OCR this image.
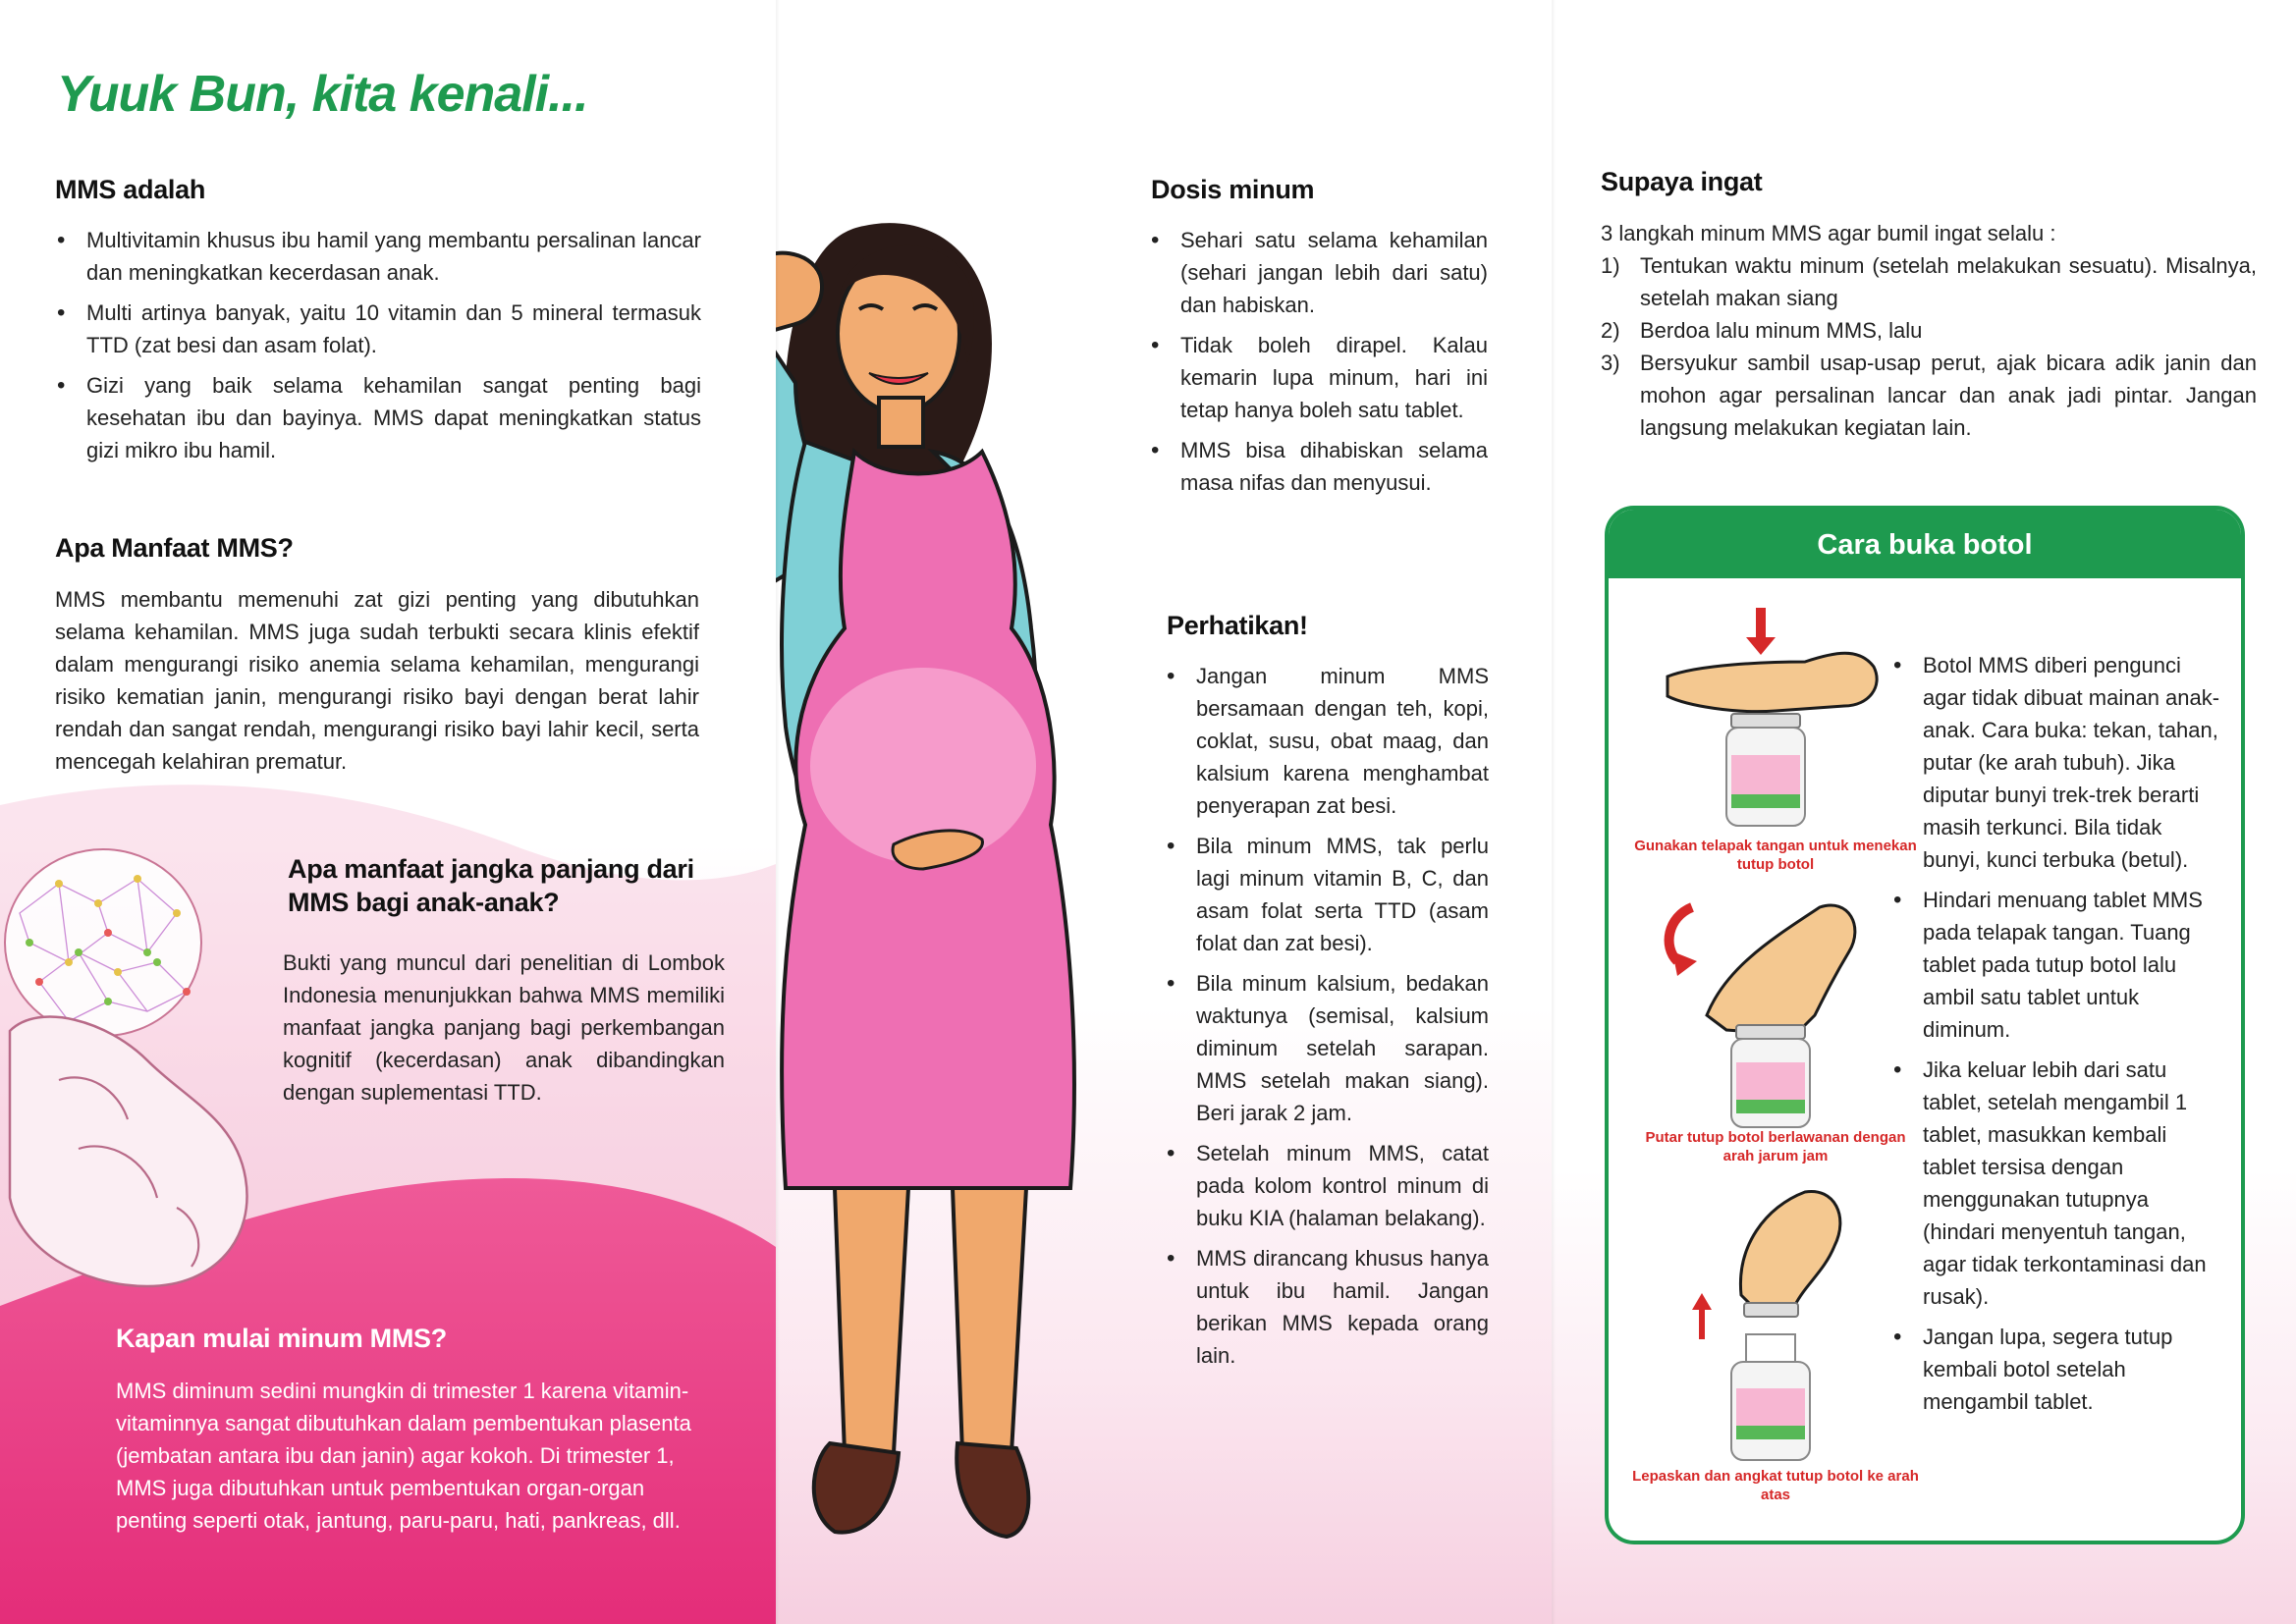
Yuuk Bun, kita kenali...
MMS adalah
• Multivitamin khusus ibu hamil yang membantu persalinan lancar dan meningkatkan kecerdasan anak.
• Multi artinya banyak, yaitu 10 vitamin dan 5 mineral termasuk TTD (zat besi dan asam folat).
• Gizi yang baik selama kehamilan sangat penting bagi kesehatan ibu dan bayinya. MMS dapat meningkatkan status gizi mikro ibu hamil.
Apa Manfaat MMS?
MMS membantu memenuhi zat gizi penting yang dibutuhkan selama kehamilan. MMS juga sudah terbukti secara klinis efektif dalam mengurangi risiko anemia selama kehamilan, mengurangi risiko kematian janin, mengurangi risiko bayi dengan berat lahir rendah dan sangat rendah, mengurangi risiko bayi lahir kecil, serta mencegah kelahiran prematur.
Apa manfaat jangka panjang dari
MMS bagi anak-anak?
Bukti yang muncul dari penelitian di Lombok Indonesia menunjukkan bahwa MMS memiliki manfaat jangka panjang bagi perkembangan kognitif (kecerdasan) anak dibandingkan dengan suplementasi TTD.
Kapan mulai minum MMS?
MMS diminum sedini mungkin di trimester 1 karena vitamin-vitaminnya sangat dibutuhkan dalam pembentukan plasenta (jembatan antara ibu dan janin) agar kokoh. Di trimester 1, MMS juga dibutuhkan untuk pembentukan organ-organ penting seperti otak, jantung, paru-paru, hati, pankreas, dll.
Dosis minum
• Sehari satu selama kehamilan (sehari jangan lebih dari satu) dan habiskan.
• Tidak boleh dirapel. Kalau kemarin lupa minum, hari ini tetap hanya boleh satu tablet.
• MMS bisa dihabiskan selama masa nifas dan menyusui.
Perhatikan!
• Jangan minum MMS bersamaan dengan teh, kopi, coklat, susu, obat maag, dan kalsium karena menghambat penyerapan zat besi.
• Bila minum MMS, tak perlu lagi minum vitamin B, C, dan asam folat serta TTD (asam folat dan zat besi).
• Bila minum kalsium, bedakan waktunya (semisal, kalsium diminum setelah sarapan. MMS setelah makan siang). Beri jarak 2 jam.
• Setelah minum MMS, catat pada kolom kontrol minum di buku KIA (halaman belakang).
• MMS dirancang khusus hanya untuk ibu hamil. Jangan berikan MMS kepada orang lain.
Supaya ingat
3 langkah minum MMS agar bumil ingat selalu :
1) Tentukan waktu minum (setelah melakukan sesuatu). Misalnya, setelah makan siang
2) Berdoa lalu minum MMS, lalu
3) Bersyukur sambil usap-usap perut, ajak bicara adik janin dan mohon agar persalinan lancar dan anak jadi pintar. Jangan langsung melakukan kegiatan lain.
Cara buka botol
Gunakan telapak tangan untuk menekan tutup botol
Putar tutup botol berlawanan dengan arah jarum jam
Lepaskan dan angkat tutup botol ke arah atas
• Botol MMS diberi pengunci agar tidak dibuat mainan anak-anak. Cara buka: tekan, tahan, putar (ke arah tubuh). Jika diputar bunyi trek-trek berarti masih terkunci. Bila tidak bunyi, kunci terbuka (betul).
• Hindari menuang tablet MMS pada telapak tangan. Tuang tablet pada tutup botol lalu ambil satu tablet untuk diminum.
• Jika keluar lebih dari satu tablet, setelah mengambil 1 tablet, masukkan kembali tablet tersisa dengan menggunakan tutupnya (hindari menyentuh tangan, agar tidak terkontaminasi dan rusak).
• Jangan lupa, segera tutup kembali botol setelah mengambil tablet.
